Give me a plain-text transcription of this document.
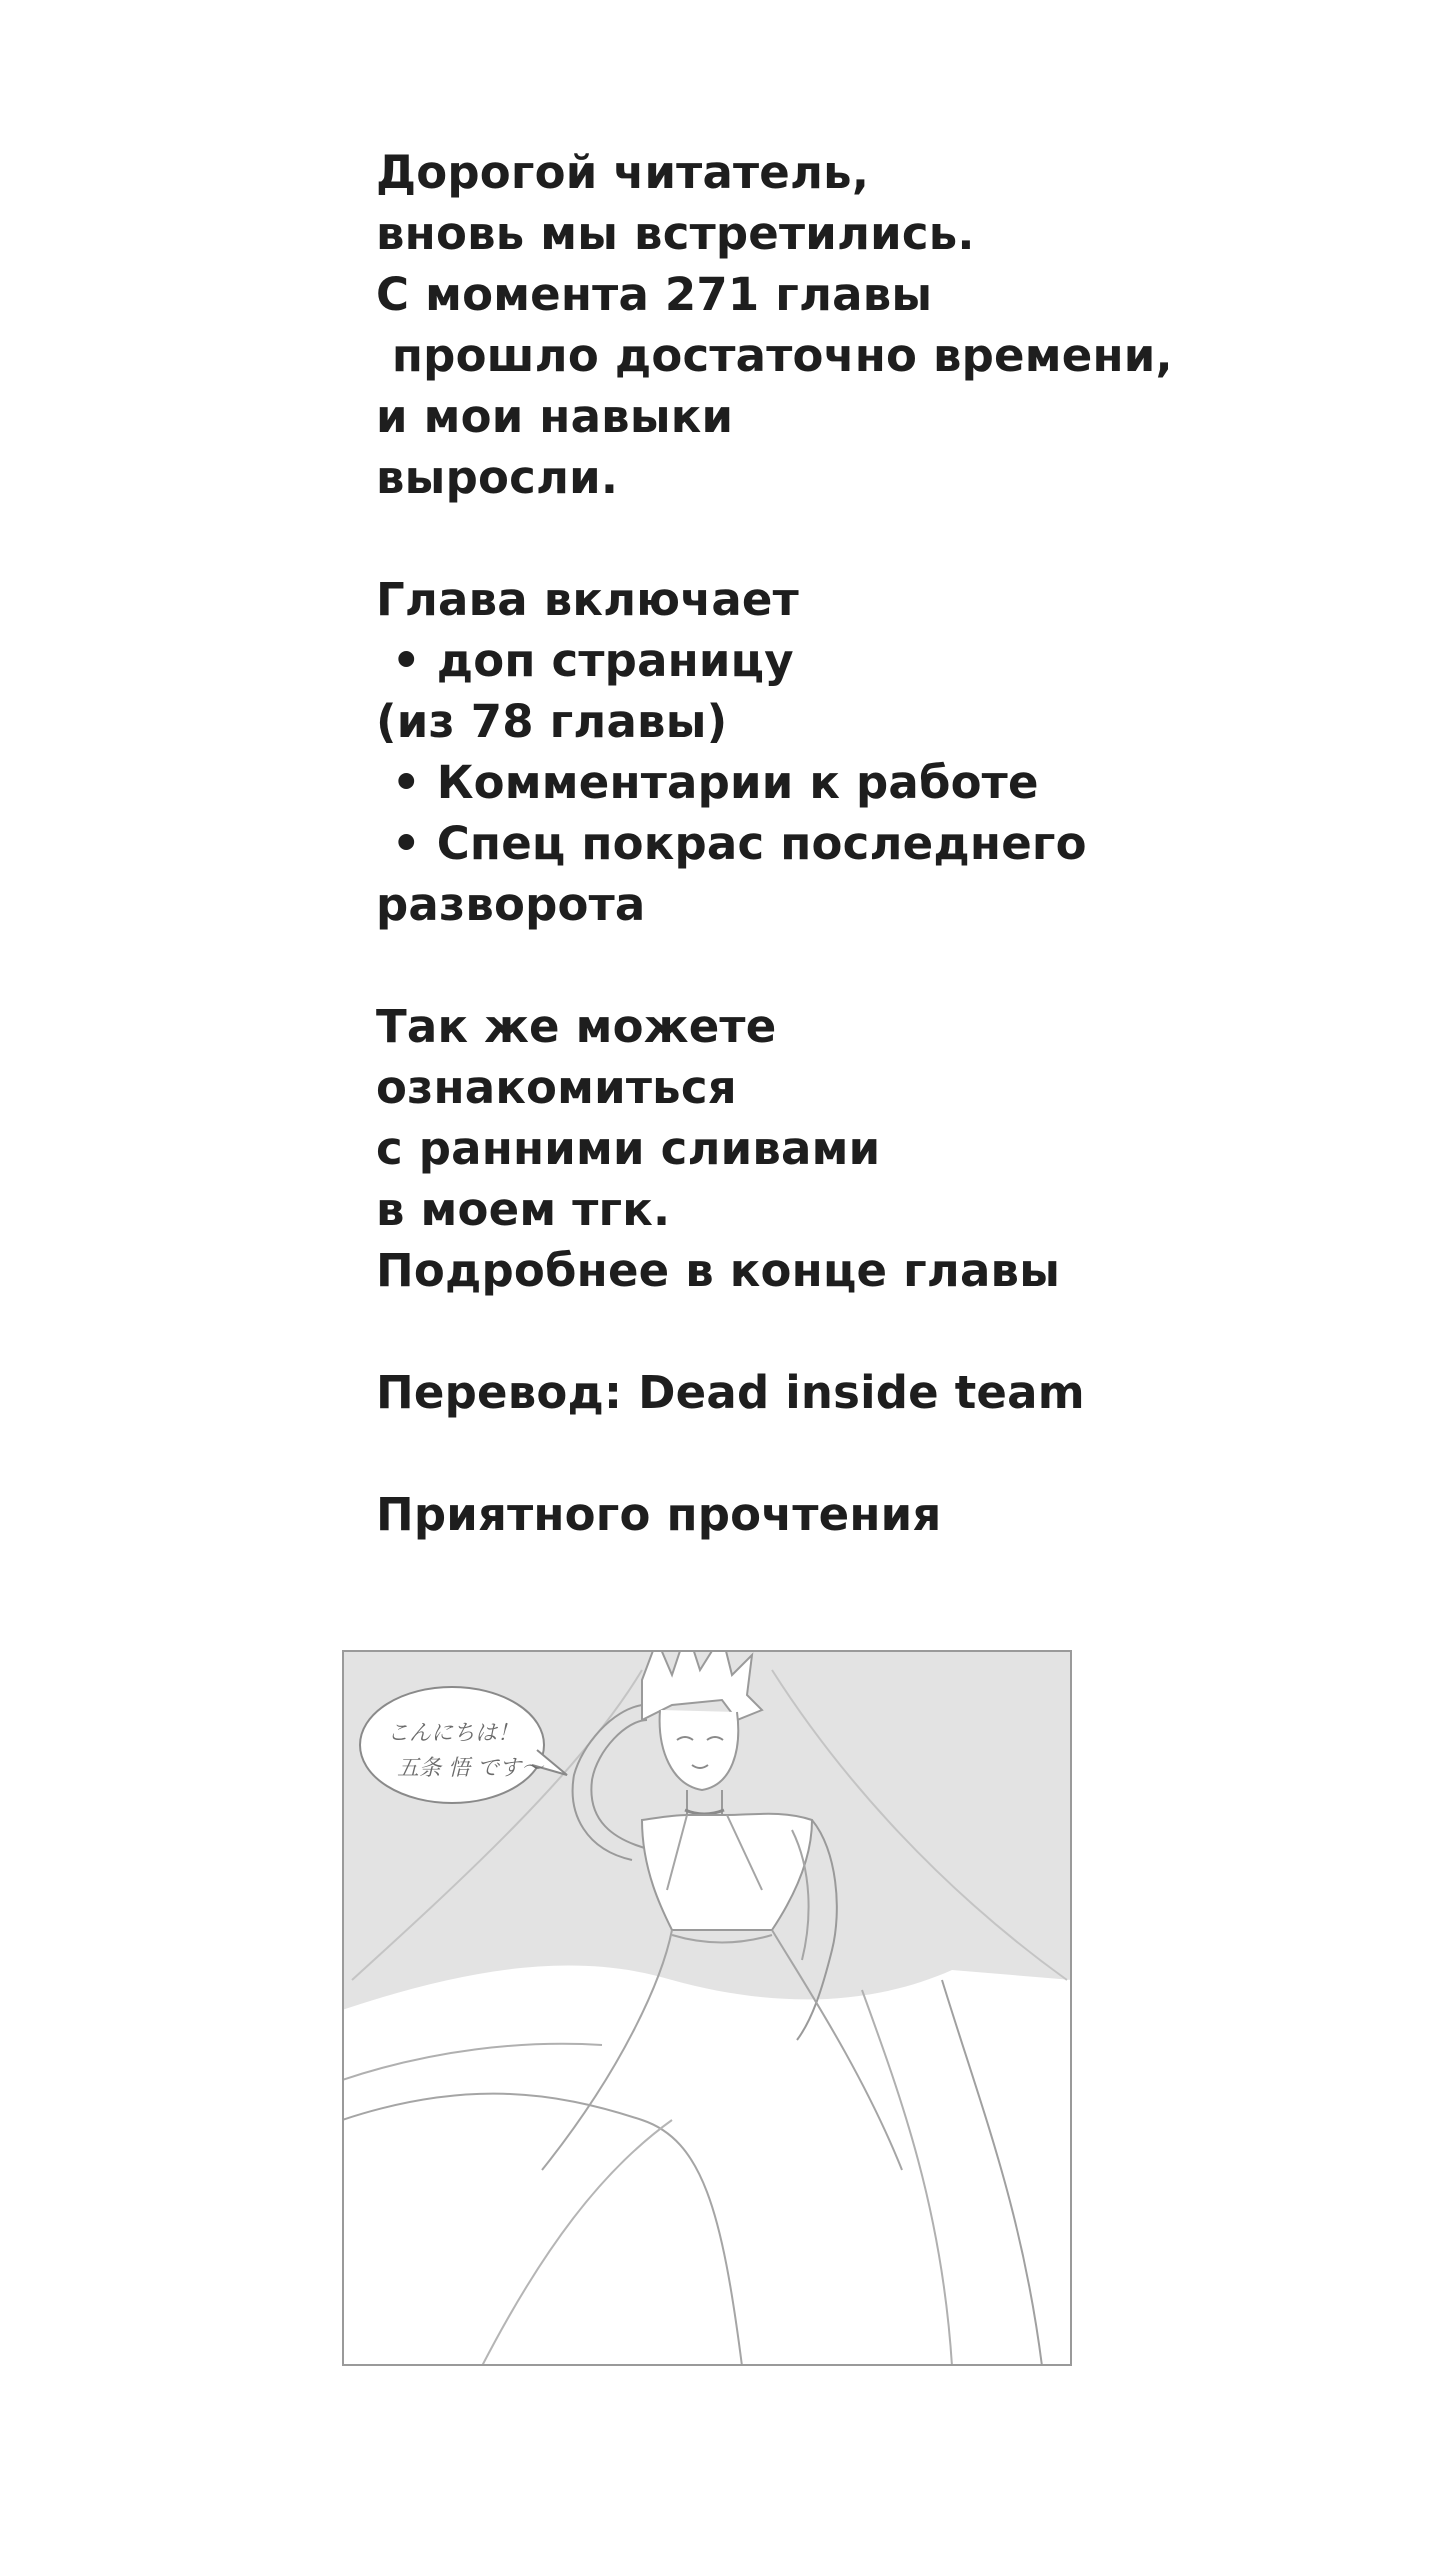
Дорогой читатель,
вновь мы встретились.
С момента 271 главы
прошло достаточно времени,
и мои навыки
выросли.
Глава включает
• доп страницу
(из 78 главы)
• Комментарии к работе
• Спец покрас последнего
разворота
Так же можете
ознакомиться
с ранними сливами
в моем тгк.
Подробнее в конце главы
Перевод: Dead inside team
Приятного прочтения
こんにちは！
五条 悟 です〜
